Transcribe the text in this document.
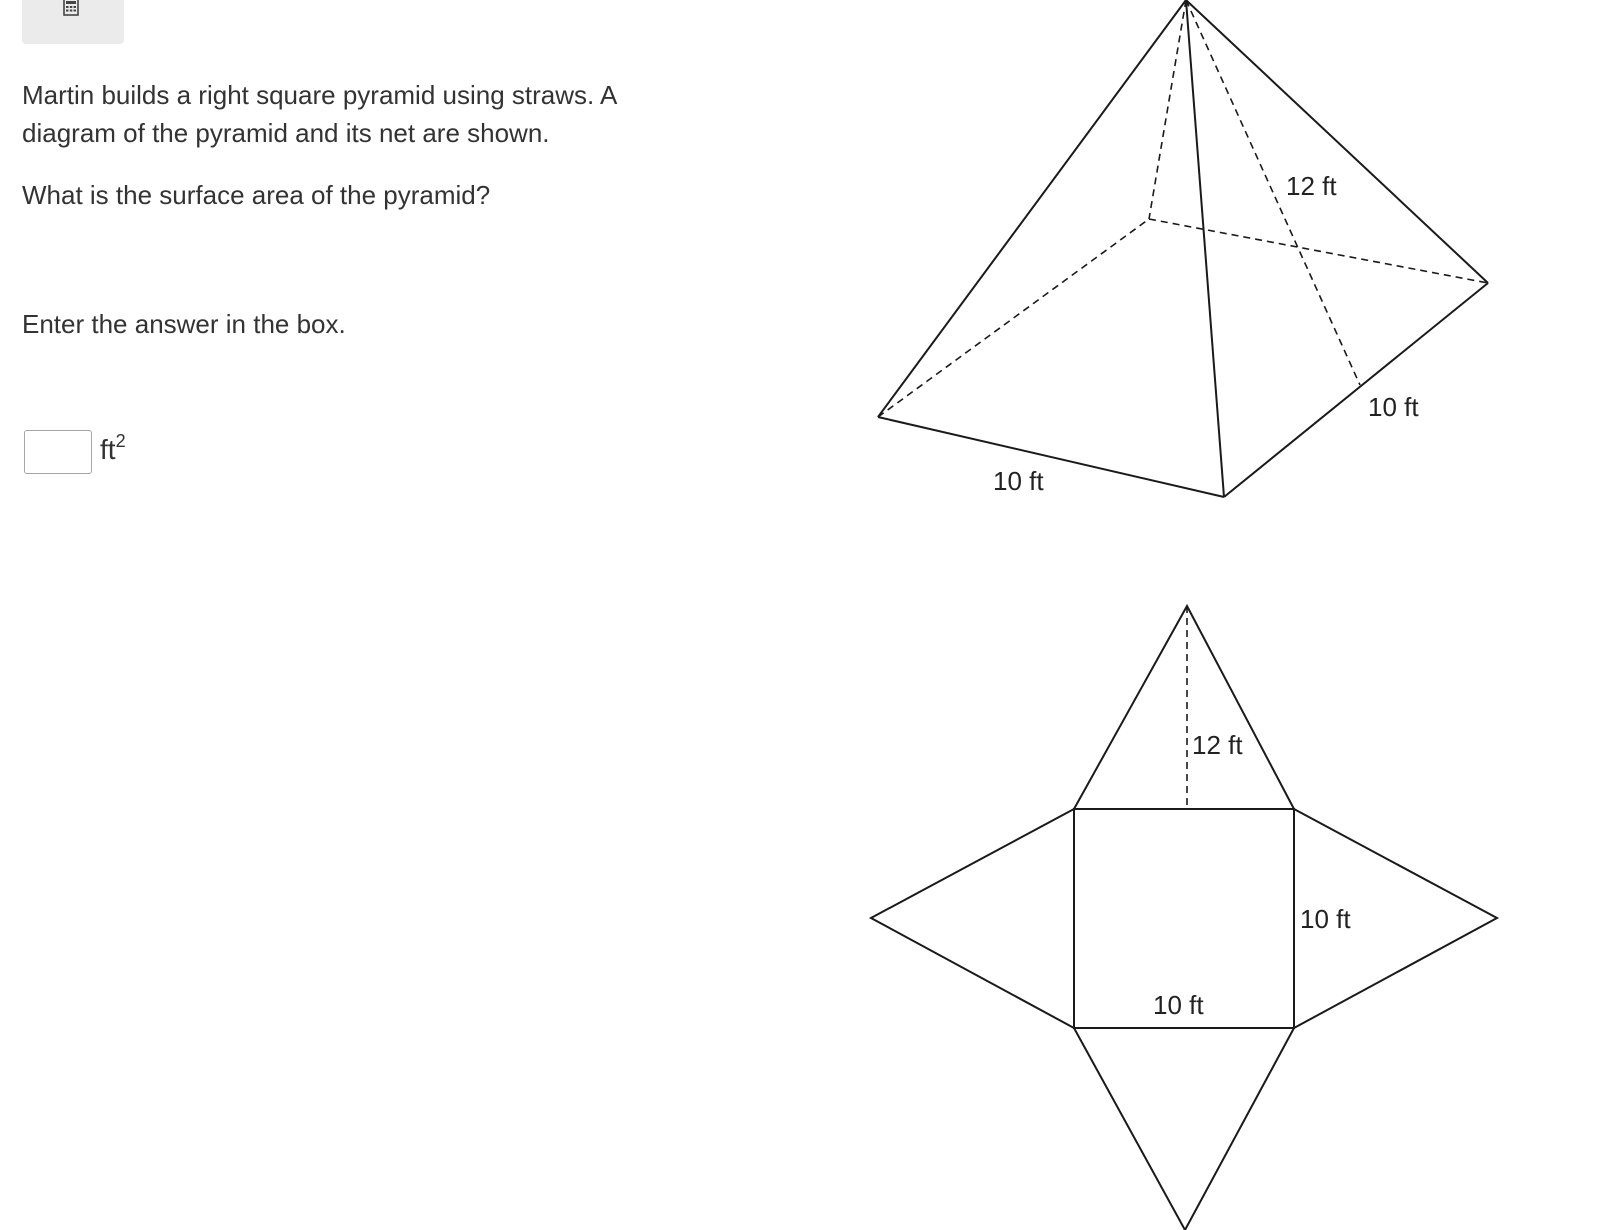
Martin builds a right square pyramid using straws. A

diagram of the pyramid and its net are shown.

What is the surface area of the pyramid?

Enter the answer in the box.

$ft^2$
12 ft
10 ft
10 ft
12 ft
10 ft
10 ft
